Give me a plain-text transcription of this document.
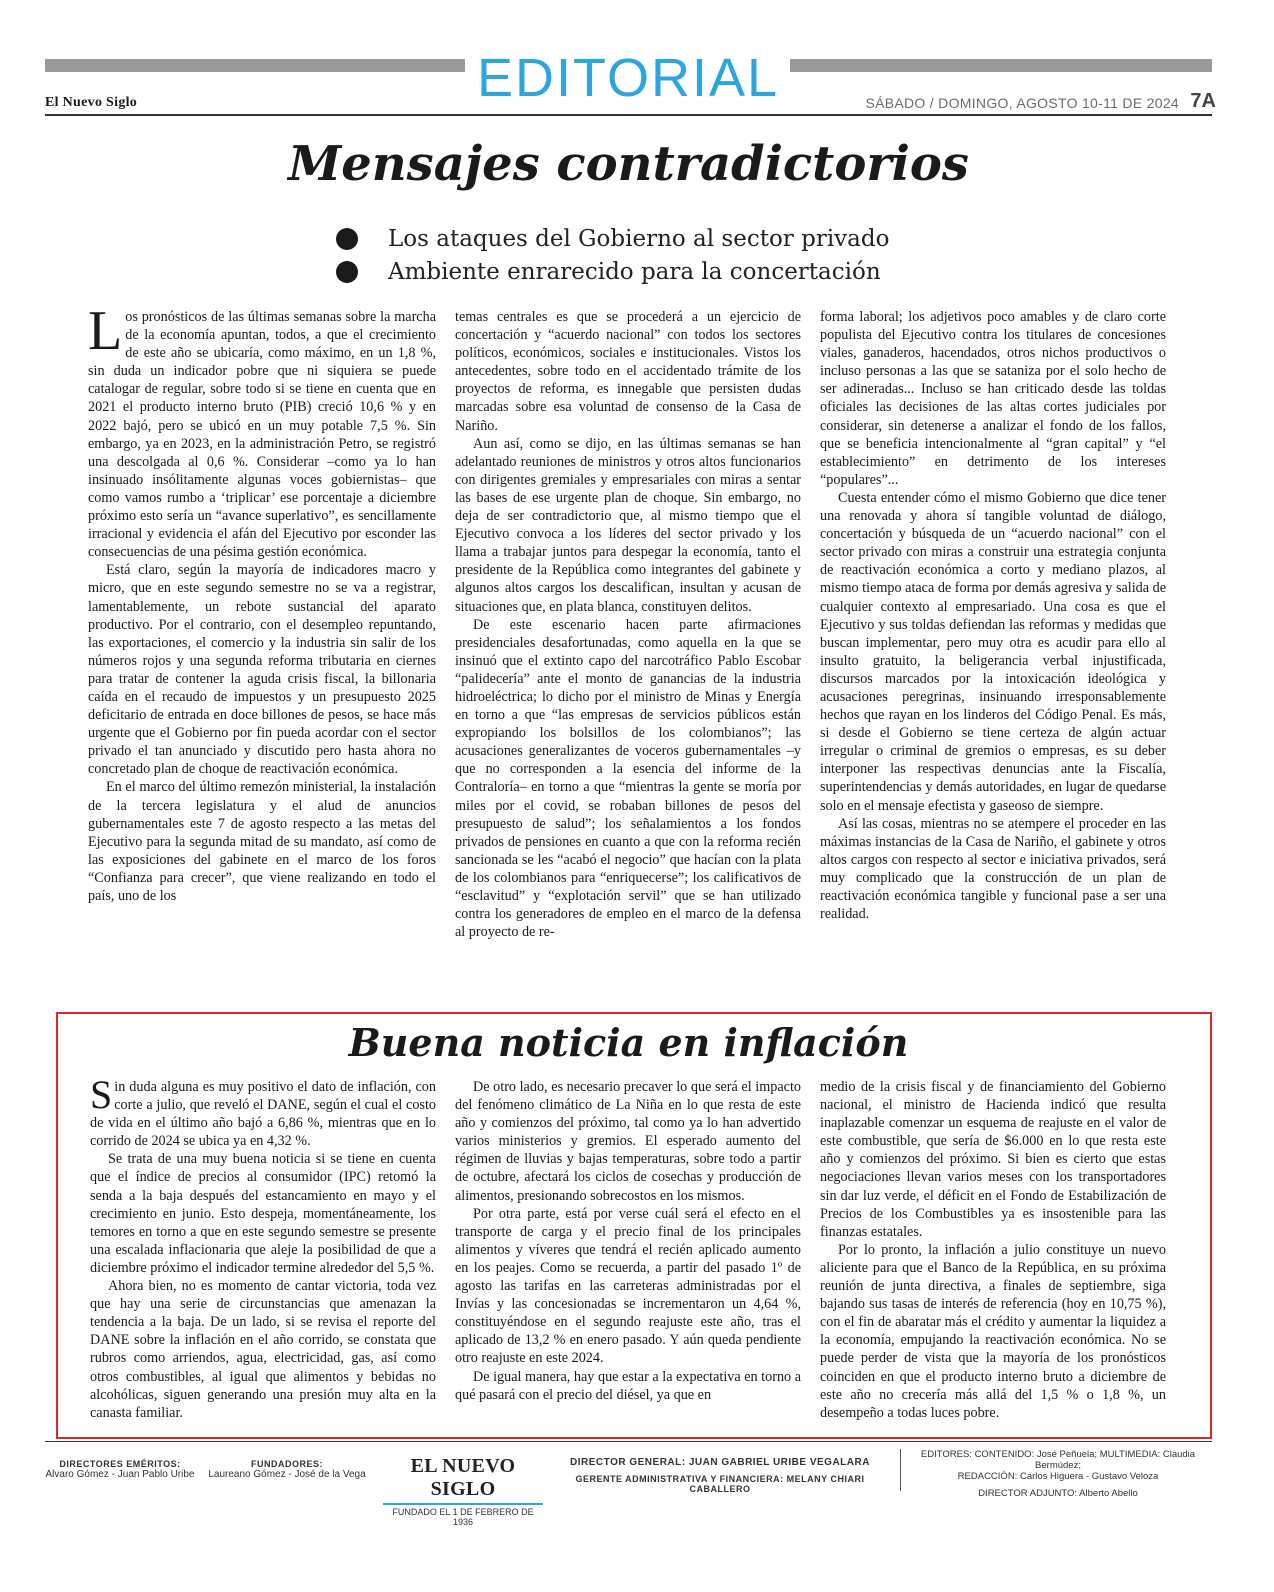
EDITORIAL
El Nuevo Siglo	SÁBADO / DOMINGO, AGOSTO 10-11 DE 2024 7A
Mensajes contradictorios
Los ataques del Gobierno al sector privado
Ambiente enrarecido para la concertación

Los pronósticos de las últimas semanas sobre la marcha de la economía apuntan, todos, a que el crecimiento de este año se ubicaría, como máximo, en un 1,8 %, sin duda un indicador pobre que ni siquiera se puede catalogar de regular, sobre todo si se tiene en cuenta que en 2021 el producto interno bruto (PIB) creció 10,6 % y en 2022 bajó, pero se ubicó en un muy potable 7,5 %. Sin embargo, ya en 2023, en la administración Petro, se registró una descolgada al 0,6 %. Considerar –como ya lo han insinuado insólitamente algunas voces gobiernistas– que como vamos rumbo a ‘triplicar’ ese porcentaje a diciembre próximo esto sería un “avance superlativo”, es sencillamente irracional y evidencia el afán del Ejecutivo por esconder las consecuencias de una pésima gestión económica.

Está claro, según la mayoría de indicadores macro y micro, que en este segundo semestre no se va a registrar, lamentablemente, un rebote sustancial del aparato productivo. Por el contrario, con el desempleo repuntando, las exportaciones, el comercio y la industria sin salir de los números rojos y una segunda reforma tributaria en ciernes para tratar de contener la aguda crisis fiscal, la billonaria caída en el recaudo de impuestos y un presupuesto 2025 deficitario de entrada en doce billones de pesos, se hace más urgente que el Gobierno por fin pueda acordar con el sector privado el tan anunciado y discutido pero hasta ahora no concretado plan de choque de reactivación económica.

En el marco del último remezón ministerial, la instalación de la tercera legislatura y el alud de anuncios gubernamentales este 7 de agosto respecto a las metas del Ejecutivo para la segunda mitad de su mandato, así como de las exposiciones del gabinete en el marco de los foros “Confianza para crecer”, que viene realizando en todo el país, uno de los

temas centrales es que se procederá a un ejercicio de concertación y “acuerdo nacional” con todos los sectores políticos, económicos, sociales e institucionales. Vistos los antecedentes, sobre todo en el accidentado trámite de los proyectos de reforma, es innegable que persisten dudas marcadas sobre esa voluntad de consenso de la Casa de Nariño.

Aun así, como se dijo, en las últimas semanas se han adelantado reuniones de ministros y otros altos funcionarios con dirigentes gremiales y empresariales con miras a sentar las bases de ese urgente plan de choque. Sin embargo, no deja de ser contradictorio que, al mismo tiempo que el Ejecutivo convoca a los líderes del sector privado y los llama a trabajar juntos para despegar la economía, tanto el presidente de la República como integrantes del gabinete y algunos altos cargos los descalifican, insultan y acusan de situaciones que, en plata blanca, constituyen delitos.

De este escenario hacen parte afirmaciones presidenciales desafortunadas, como aquella en la que se insinuó que el extinto capo del narcotráfico Pablo Escobar “palidecería” ante el monto de ganancias de la industria hidroeléctrica; lo dicho por el ministro de Minas y Energía en torno a que “las empresas de servicios públicos están expropiando los bolsillos de los colombianos”; las acusaciones generalizantes de voceros gubernamentales –y que no corresponden a la esencia del informe de la Contraloría– en torno a que “mientras la gente se moría por miles por el covid, se robaban billones de pesos del presupuesto de salud”; los señalamientos a los fondos privados de pensiones en cuanto a que con la reforma recién sancionada se les “acabó el negocio” que hacían con la plata de los colombianos para “enriquecerse”; los calificativos de “esclavitud” y “explotación servil” que se han utilizado contra los generadores de empleo en el marco de la defensa al proyecto de re-

forma laboral; los adjetivos poco amables y de claro corte populista del Ejecutivo contra los titulares de concesiones viales, ganaderos, hacendados, otros nichos productivos o incluso personas a las que se sataniza por el solo hecho de ser adineradas... Incluso se han criticado desde las toldas oficiales las decisiones de las altas cortes judiciales por considerar, sin detenerse a analizar el fondo de los fallos, que se beneficia intencionalmente al “gran capital” y “el establecimiento” en detrimento de los intereses “populares”...

Cuesta entender cómo el mismo Gobierno que dice tener una renovada y ahora sí tangible voluntad de diálogo, concertación y búsqueda de un “acuerdo nacional” con el sector privado con miras a construir una estrategia conjunta de reactivación económica a corto y mediano plazos, al mismo tiempo ataca de forma por demás agresiva y salida de cualquier contexto al empresariado. Una cosa es que el Ejecutivo y sus toldas defiendan las reformas y medidas que buscan implementar, pero muy otra es acudir para ello al insulto gratuito, la beligerancia verbal injustificada, discursos marcados por la intoxicación ideológica y acusaciones peregrinas, insinuando irresponsablemente hechos que rayan en los linderos del Código Penal. Es más, si desde el Gobierno se tiene certeza de algún actuar irregular o criminal de gremios o empresas, es su deber interponer las respectivas denuncias ante la Fiscalía, superintendencias y demás autoridades, en lugar de quedarse solo en el mensaje efectista y gaseoso de siempre.

Así las cosas, mientras no se atempere el proceder en las máximas instancias de la Casa de Nariño, el gabinete y otros altos cargos con respecto al sector e iniciativa privados, será muy complicado que la construcción de un plan de reactivación económica tangible y funcional pase a ser una realidad.

Buena noticia en inflación

Sin duda alguna es muy positivo el dato de inflación, con corte a julio, que reveló el DANE, según el cual el costo de vida en el último año bajó a 6,86 %, mientras que en lo corrido de 2024 se ubica ya en 4,32 %.

Se trata de una muy buena noticia si se tiene en cuenta que el índice de precios al consumidor (IPC) retomó la senda a la baja después del estancamiento en mayo y el crecimiento en junio. Esto despeja, momentáneamente, los temores en torno a que en este segundo semestre se presente una escalada inflacionaria que aleje la posibilidad de que a diciembre próximo el indicador termine alrededor del 5,5 %.

Ahora bien, no es momento de cantar victoria, toda vez que hay una serie de circunstancias que amenazan la tendencia a la baja. De un lado, si se revisa el reporte del DANE sobre la inflación en el año corrido, se constata que rubros como arriendos, agua, electricidad, gas, así como otros combustibles, al igual que alimentos y bebidas no alcohólicas, siguen generando una presión muy alta en la canasta familiar.

De otro lado, es necesario precaver lo que será el impacto del fenómeno climático de La Niña en lo que resta de este año y comienzos del próximo, tal como ya lo han advertido varios ministerios y gremios. El esperado aumento del régimen de lluvias y bajas temperaturas, sobre todo a partir de octubre, afectará los ciclos de cosechas y producción de alimentos, presionando sobrecostos en los mismos.

Por otra parte, está por verse cuál será el efecto en el transporte de carga y el precio final de los principales alimentos y víveres que tendrá el recién aplicado aumento en los peajes. Como se recuerda, a partir del pasado 1º de agosto las tarifas en las carreteras administradas por el Invías y las concesionadas se incrementaron un 4,64 %, constituyéndose en el segundo reajuste este año, tras el aplicado de 13,2 % en enero pasado. Y aún queda pendiente otro reajuste en este 2024.

De igual manera, hay que estar a la expectativa en torno a qué pasará con el precio del diésel, ya que en

medio de la crisis fiscal y de financiamiento del Gobierno nacional, el ministro de Hacienda indicó que resulta inaplazable comenzar un esquema de reajuste en el valor de este combustible, que sería de $6.000 en lo que resta este año y comienzos del próximo. Si bien es cierto que estas negociaciones llevan varios meses con los transportadores sin dar luz verde, el déficit en el Fondo de Estabilización de Precios de los Combustibles ya es insostenible para las finanzas estatales.

Por lo pronto, la inflación a julio constituye un nuevo aliciente para que el Banco de la República, en su próxima reunión de junta directiva, a finales de septiembre, siga bajando sus tasas de interés de referencia (hoy en 10,75 %), con el fin de abaratar más el crédito y aumentar la liquidez a la economía, empujando la reactivación económica. No se puede perder de vista que la mayoría de los pronósticos coinciden en que el producto interno bruto a diciembre de este año no crecería más allá del 1,5 % o 1,8 %, un desempeño a todas luces pobre.

DIRECTORES EMÉRITOS:
Alvaro Gómez - Juan Pablo Uribe
FUNDADORES:
Laureano Gómez - José de la Vega	EL NUEVO SIGLO
FUNDADO EL 1 DE FEBRERO DE 1936
DIRECTOR GENERAL: JUAN GABRIEL URIBE VEGALARA
GERENTE ADMINISTRATIVA Y FINANCIERA: MELANY CHIARI CABALLERO
EDITORES: CONTENIDO: José Peñuela; MULTIMEDIA: Claudia Bermúdez;
REDACCIÓN: Carlos Higuera - Gustavo Veloza
DIRECTOR ADJUNTO: Alberto Abello
